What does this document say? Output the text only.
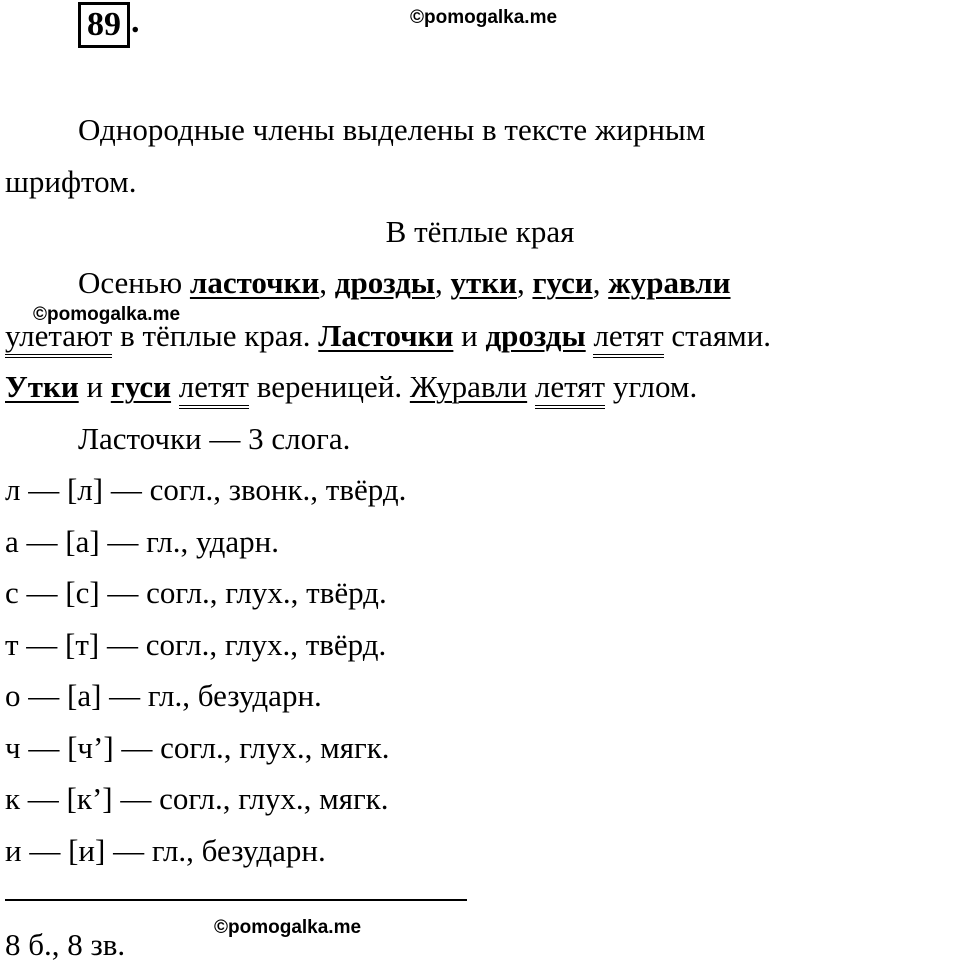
89 .	©pomogalka.me
Однородные члены выделены в тексте жирным
шрифтом.
В тёплые края
Осенью ласточки, дрозды, утки, гуси, журавли
©pomogalka.me
улетают в тёплые края. Ласточки и дрозды летят стаями.
Утки и гуси летят вереницей. Журавли летят углом.
Ласточки — 3 слога.
л — [л] — согл., звонк., твёрд.
а — [а] — гл., ударн.
с — [с] — согл., глух., твёрд.
т — [т] — согл., глух., твёрд.
о — [а] — гл., безударн.
ч — [ч’] — согл., глух., мягк.
к — [к’] — согл., глух., мягк.
и — [и] — гл., безударн.
©pomogalka.me
8 б., 8 зв.
